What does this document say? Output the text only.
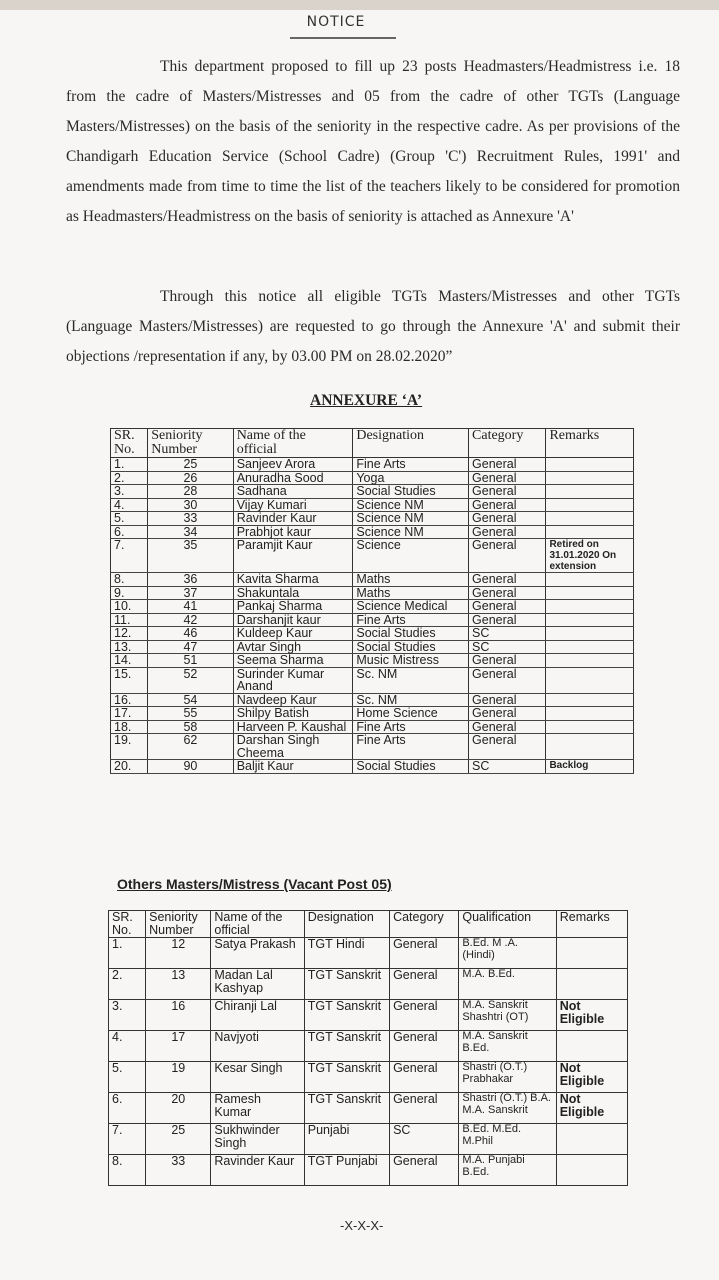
NOTICE
This department proposed to fill up 23 posts Headmasters/Headmistress i.e. 18 from the cadre of Masters/Mistresses and 05 from the cadre of other TGTs (Language Masters/Mistresses) on the basis of the seniority in the respective cadre. As per provisions of the Chandigarh Education Service (School Cadre) (Group 'C') Recruitment Rules, 1991' and amendments made from time to time the list of the teachers likely to be considered for promotion as Headmasters/Headmistress on the basis of seniority is attached as Annexure 'A'
Through this notice all eligible TGTs Masters/Mistresses and other TGTs (Language Masters/Mistresses) are requested to go through the Annexure 'A' and submit their objections /representation if any, by 03.00 PM on 28.02.2020”
ANNEXURE ‘A’
SR. No.	Seniority Number	Name of the official	Designation	Category	Remarks
1.	25	Sanjeev Arora	Fine Arts	General	
2.	26	Anuradha Sood	Yoga	General	
3.	28	Sadhana	Social Studies	General	
4.	30	Vijay Kumari	Science NM	General	
5.	33	Ravinder Kaur	Science NM	General	
6.	34	Prabhjot kaur	Science NM	General	
7.	35	Paramjit Kaur	Science	General	Retired on 31.01.2020 On extension
8.	36	Kavita Sharma	Maths	General	
9.	37	Shakuntala	Maths	General	
10.	41	Pankaj Sharma	Science Medical	General	
11.	42	Darshanjit kaur	Fine Arts	General	
12.	46	Kuldeep Kaur	Social Studies	SC	
13.	47	Avtar Singh	Social Studies	SC	
14.	51	Seema Sharma	Music Mistress	General	
15.	52	Surinder Kumar Anand	Sc. NM	General	
16.	54	Navdeep Kaur	Sc. NM	General	
17.	55	Shilpy Batish	Home Science	General	
18.	58	Harveen P. Kaushal	Fine Arts	General	
19.	62	Darshan Singh Cheema	Fine Arts	General	
20.	90	Baljit Kaur	Social Studies	SC	Backlog
Others Masters/Mistress (Vacant Post 05)
SR. No.	Seniority Number	Name of the official	Designation	Category	Qualification	Remarks
1.	12	Satya Prakash	TGT Hindi	General	B.Ed. M .A. (Hindi)	
2.	13	Madan Lal Kashyap	TGT Sanskrit	General	M.A. B.Ed.	
3.	16	Chiranji Lal	TGT Sanskrit	General	M.A. Sanskrit Shashtri (OT)	Not Eligible
4.	17	Navjyoti	TGT Sanskrit	General	M.A. Sanskrit B.Ed.	
5.	19	Kesar Singh	TGT Sanskrit	General	Shastri (O.T.) Prabhakar	Not Eligible
6.	20	Ramesh Kumar	TGT Sanskrit	General	Shastri (O.T.) B.A. M.A. Sanskrit	Not Eligible
7.	25	Sukhwinder Singh	Punjabi	SC	B.Ed. M.Ed. M.Phil	
8.	33	Ravinder Kaur	TGT Punjabi	General	M.A. Punjabi B.Ed.	
-X-X-X-
